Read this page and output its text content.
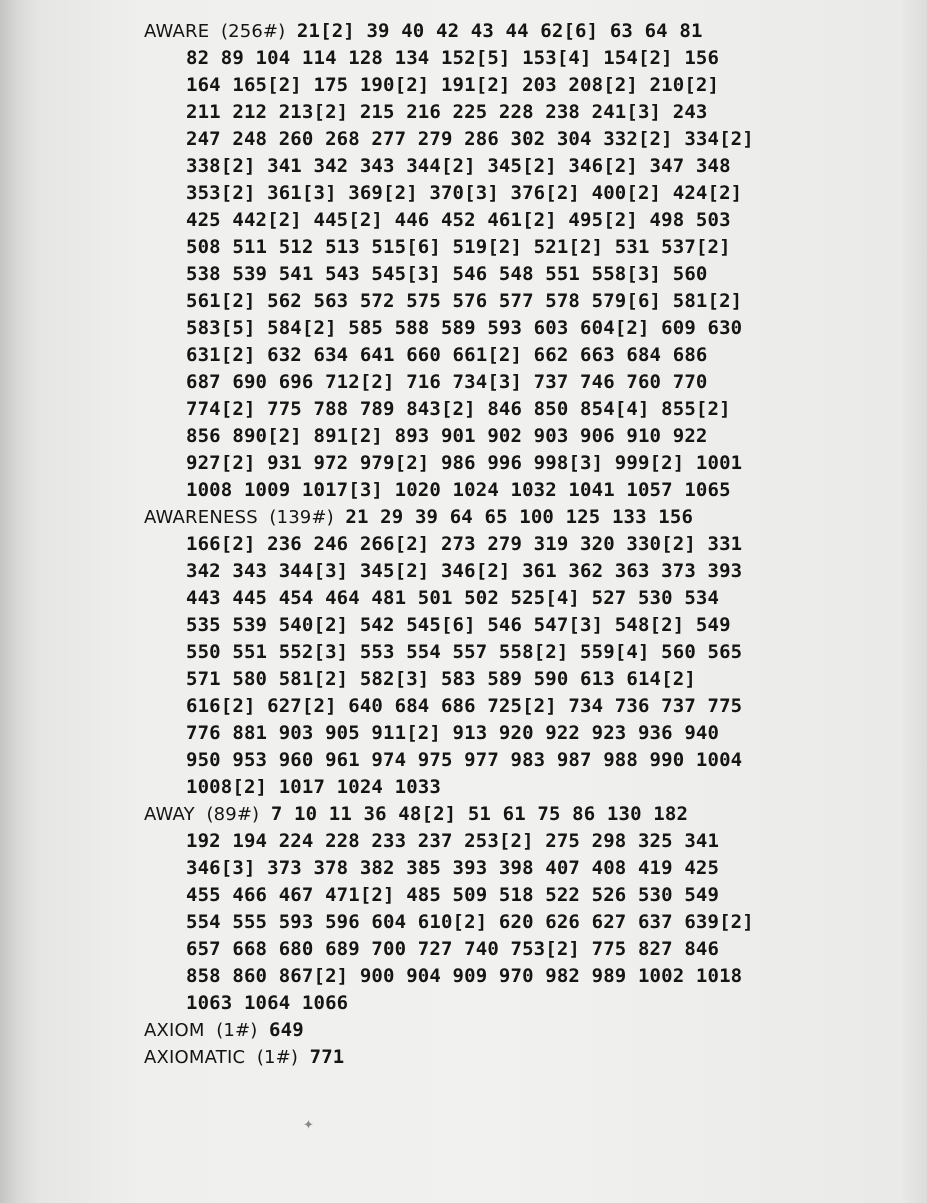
AWARE (256#) 21[2] 39 40 42 43 44 62[6] 63 64 81
82 89 104 114 128 134 152[5] 153[4] 154[2] 156
164 165[2] 175 190[2] 191[2] 203 208[2] 210[2]
211 212 213[2] 215 216 225 228 238 241[3] 243
247 248 260 268 277 279 286 302 304 332[2] 334[2]
338[2] 341 342 343 344[2] 345[2] 346[2] 347 348
353[2] 361[3] 369[2] 370[3] 376[2] 400[2] 424[2]
425 442[2] 445[2] 446 452 461[2] 495[2] 498 503
508 511 512 513 515[6] 519[2] 521[2] 531 537[2]
538 539 541 543 545[3] 546 548 551 558[3] 560
561[2] 562 563 572 575 576 577 578 579[6] 581[2]
583[5] 584[2] 585 588 589 593 603 604[2] 609 630
631[2] 632 634 641 660 661[2] 662 663 684 686
687 690 696 712[2] 716 734[3] 737 746 760 770
774[2] 775 788 789 843[2] 846 850 854[4] 855[2]
856 890[2] 891[2] 893 901 902 903 906 910 922
927[2] 931 972 979[2] 986 996 998[3] 999[2] 1001
1008 1009 1017[3] 1020 1024 1032 1041 1057 1065
AWARENESS (139#) 21 29 39 64 65 100 125 133 156
166[2] 236 246 266[2] 273 279 319 320 330[2] 331
342 343 344[3] 345[2] 346[2] 361 362 363 373 393
443 445 454 464 481 501 502 525[4] 527 530 534
535 539 540[2] 542 545[6] 546 547[3] 548[2] 549
550 551 552[3] 553 554 557 558[2] 559[4] 560 565
571 580 581[2] 582[3] 583 589 590 613 614[2]
616[2] 627[2] 640 684 686 725[2] 734 736 737 775
776 881 903 905 911[2] 913 920 922 923 936 940
950 953 960 961 974 975 977 983 987 988 990 1004
1008[2] 1017 1024 1033
AWAY (89#) 7 10 11 36 48[2] 51 61 75 86 130 182
192 194 224 228 233 237 253[2] 275 298 325 341
346[3] 373 378 382 385 393 398 407 408 419 425
455 466 467 471[2] 485 509 518 522 526 530 549
554 555 593 596 604 610[2] 620 626 627 637 639[2]
657 668 680 689 700 727 740 753[2] 775 827 846
858 860 867[2] 900 904 909 970 982 989 1002 1018
1063 1064 1066
AXIOM (1#) 649
AXIOMATIC (1#) 771
✦
